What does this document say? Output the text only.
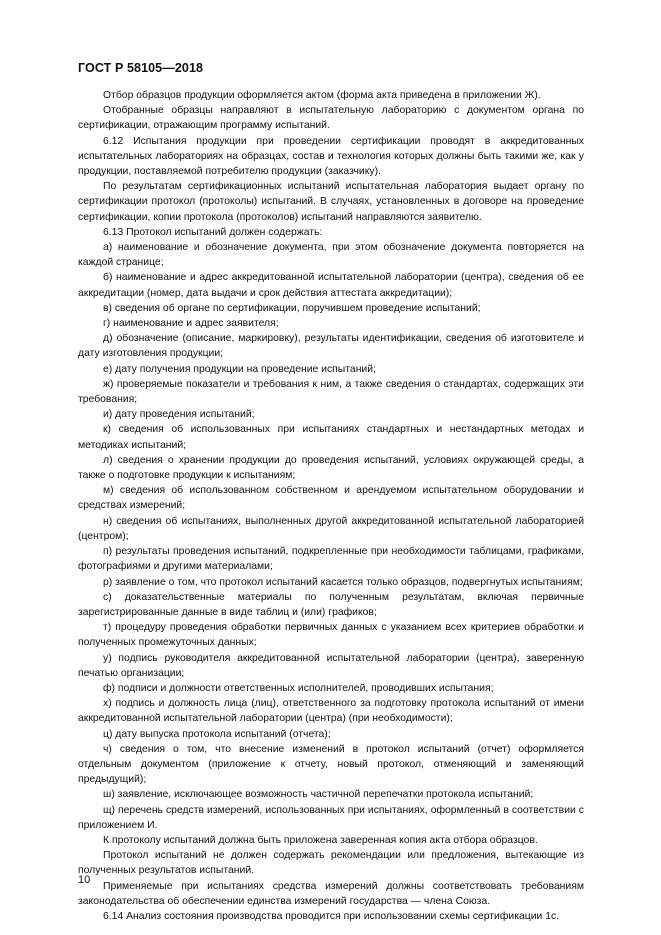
ГОСТ Р 58105—2018

Отбор образцов продукции оформляется актом (форма акта приведена в приложении Ж).

Отобранные образцы направляют в испытательную лабораторию с документом органа по сертификации, отражающим программу испытаний.

6.12 Испытания продукции при проведении сертификации проводят в аккредитованных испытательных лабораториях на образцах, состав и технология которых должны быть такими же, как у продукции, поставляемой потребителю продукции (заказчику).

По результатам сертификационных испытаний испытательная лаборатория выдает органу по сертификации протокол (протоколы) испытаний. В случаях, установленных в договоре на проведение сертификации, копии протокола (протоколов) испытаний направляются заявителю.

6.13 Протокол испытаний должен содержать:

а) наименование и обозначение документа, при этом обозначение документа повторяется на каждой странице;

б) наименование и адрес аккредитованной испытательной лаборатории (центра), сведения об ее аккредитации (номер, дата выдачи и срок действия аттестата аккредитации);

в) сведения об органе по сертификации, поручившем проведение испытаний;

г) наименование и адрес заявителя;

д) обозначение (описание, маркировку), результаты идентификации, сведения об изготовителе и дату изготовления продукции;

е) дату получения продукции на проведение испытаний;

ж) проверяемые показатели и требования к ним, а также сведения о стандартах, содержащих эти требования;

и) дату проведения испытаний;

к) сведения об использованных при испытаниях стандартных и нестандартных методах и методиках испытаний;

л) сведения о хранении продукции до проведения испытаний, условиях окружающей среды, а также о подготовке продукции к испытаниям;

м) сведения об использованном собственном и арендуемом испытательном оборудовании и средствах измерений;

н) сведения об испытаниях, выполненных другой аккредитованной испытательной лабораторией (центром);

п) результаты проведения испытаний, подкрепленные при необходимости таблицами, графиками, фотографиями и другими материалами;

р) заявление о том, что протокол испытаний касается только образцов, подвергнутых испытаниям;

с) доказательственные материалы по полученным результатам, включая первичные зарегистрированные данные в виде таблиц и (или) графиков;

т) процедуру проведения обработки первичных данных с указанием всех критериев обработки и полученных промежуточных данных;

у) подпись руководителя аккредитованной испытательной лаборатории (центра), заверенную печатью организации;

ф) подписи и должности ответственных исполнителей, проводивших испытания;

х) подпись и должность лица (лиц), ответственного за подготовку протокола испытаний от имени аккредитованной испытательной лаборатории (центра) (при необходимости);

ц) дату выпуска протокола испытаний (отчета);

ч) сведения о том, что внесение изменений в протокол испытаний (отчет) оформляется отдельным документом (приложение к отчету, новый протокол, отменяющий и заменяющий предыдущий);

ш) заявление, исключающее возможность частичной перепечатки протокола испытаний;

щ) перечень средств измерений, использованных при испытаниях, оформленный в соответствии с приложением И.

К протоколу испытаний должна быть приложена заверенная копия акта отбора образцов.

Протокол испытаний не должен содержать рекомендации или предложения, вытекающие из полученных результатов испытаний.

Применяемые при испытаниях средства измерений должны соответствовать требованиям законодательства об обеспечении единства измерений государства — члена Союза.

6.14 Анализ состояния производства проводится при использовании схемы сертификации 1с.

10
